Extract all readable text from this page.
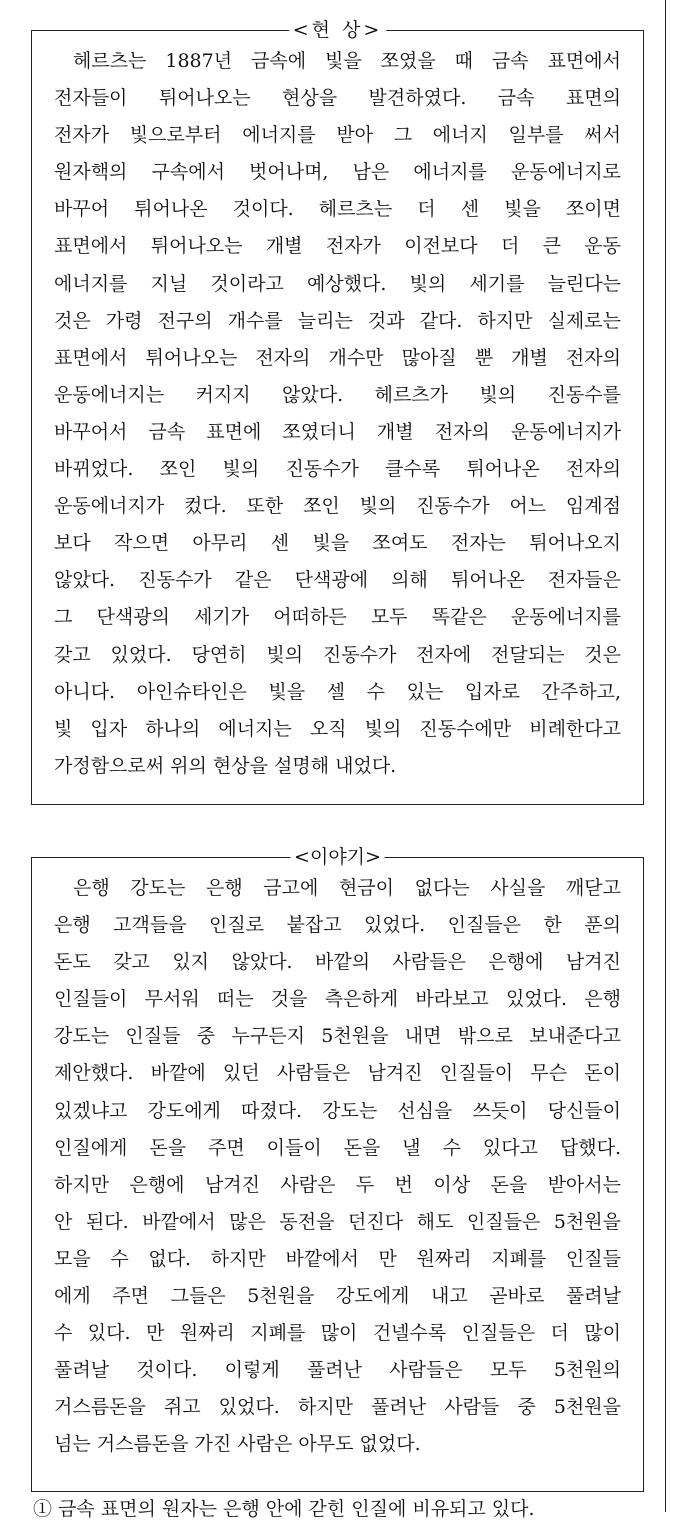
<현 상>
헤르츠는 1887년 금속에 빛을 쪼였을 때 금속 표면에서
전자들이 튀어나오는 현상을 발견하였다. 금속 표면의
전자가 빛으로부터 에너지를 받아 그 에너지 일부를 써서
원자핵의 구속에서 벗어나며, 남은 에너지를 운동에너지로
바꾸어 튀어나온 것이다. 헤르츠는 더 센 빛을 쪼이면
표면에서 튀어나오는 개별 전자가 이전보다 더 큰 운동
에너지를 지닐 것이라고 예상했다. 빛의 세기를 늘린다는
것은 가령 전구의 개수를 늘리는 것과 같다. 하지만 실제로는
표면에서 튀어나오는 전자의 개수만 많아질 뿐 개별 전자의
운동에너지는 커지지 않았다. 헤르츠가 빛의 진동수를
바꾸어서 금속 표면에 쪼였더니 개별 전자의 운동에너지가
바뀌었다. 쪼인 빛의 진동수가 클수록 튀어나온 전자의
운동에너지가 컸다. 또한 쪼인 빛의 진동수가 어느 임계점
보다 작으면 아무리 센 빛을 쪼여도 전자는 튀어나오지
않았다. 진동수가 같은 단색광에 의해 튀어나온 전자들은
그 단색광의 세기가 어떠하든 모두 똑같은 운동에너지를
갖고 있었다. 당연히 빛의 진동수가 전자에 전달되는 것은
아니다. 아인슈타인은 빛을 셀 수 있는 입자로 간주하고,
빛 입자 하나의 에너지는 오직 빛의 진동수에만 비례한다고
가정함으로써 위의 현상을 설명해 내었다.
<이야기>
은행 강도는 은행 금고에 현금이 없다는 사실을 깨닫고
은행 고객들을 인질로 붙잡고 있었다. 인질들은 한 푼의
돈도 갖고 있지 않았다. 바깥의 사람들은 은행에 남겨진
인질들이 무서워 떠는 것을 측은하게 바라보고 있었다. 은행
강도는 인질들 중 누구든지 5천원을 내면 밖으로 보내준다고
제안했다. 바깥에 있던 사람들은 남겨진 인질들이 무슨 돈이
있겠냐고 강도에게 따졌다. 강도는 선심을 쓰듯이 당신들이
인질에게 돈을 주면 이들이 돈을 낼 수 있다고 답했다.
하지만 은행에 남겨진 사람은 두 번 이상 돈을 받아서는
안 된다. 바깥에서 많은 동전을 던진다 해도 인질들은 5천원을
모을 수 없다. 하지만 바깥에서 만 원짜리 지폐를 인질들
에게 주면 그들은 5천원을 강도에게 내고 곧바로 풀려날
수 있다. 만 원짜리 지폐를 많이 건넬수록 인질들은 더 많이
풀려날 것이다. 이렇게 풀려난 사람들은 모두 5천원의
거스름돈을 쥐고 있었다. 하지만 풀려난 사람들 중 5천원을
넘는 거스름돈을 가진 사람은 아무도 없었다.
① 금속 표면의 원자는 은행 안에 갇힌 인질에 비유되고 있다.
